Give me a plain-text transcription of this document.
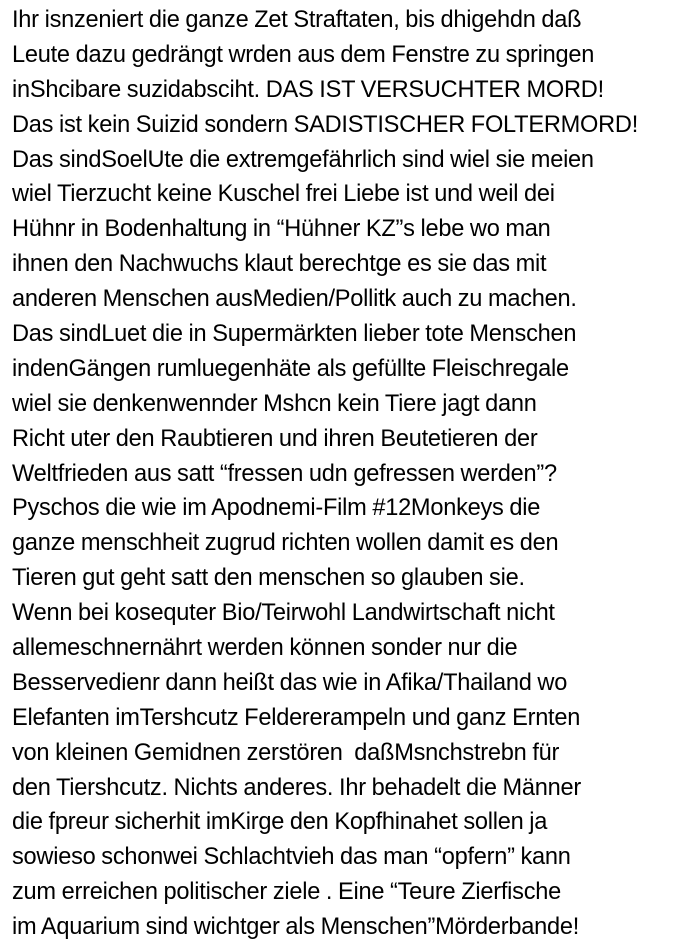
Ihr isnzeniert die ganze Zet Straftaten, bis dhigehdn daß
Leute dazu gedrängt wrden aus dem Fenstre zu springen
inShcibare suzidabsciht. DAS IST VERSUCHTER MORD!
Das ist kein Suizid sondern SADISTISCHER FOLTERMORD!
Das sindSoelUte die extremgefährlich sind wiel sie meien
wiel Tierzucht keine Kuschel frei Liebe ist und weil dei
Hühnr in Bodenhaltung in “Hühner KZ”s lebe wo man
ihnen den Nachwuchs klaut berechtge es sie das mit
anderen Menschen ausMedien/Pollitk auch zu machen.
Das sindLuet die in Supermärkten lieber tote Menschen
indenGängen rumluegenhäte als gefüllte Fleischregale
wiel sie denkenwennder Mshcn kein Tiere jagt dann
Richt uter den Raubtieren und ihren Beutetieren der
Weltfrieden aus satt “fressen udn gefressen werden”?
Pyschos die wie im Apodnemi-Film #12Monkeys die
ganze menschheit zugrud richten wollen damit es den
Tieren gut geht satt den menschen so glauben sie.
Wenn bei kosequter Bio/Teirwohl Landwirtschaft nicht
allemeschnernährt werden können sonder nur die
Besservedienr dann heißt das wie in Afika/Thailand wo
Elefanten imTershcutz Feldererampeln und ganz Ernten
von kleinen Gemidnen zerstören  daßMsnchstrebn für
den Tiershcutz. Nichts anderes. Ihr behadelt die Männer
die fpreur sicherhit imKirge den Kopfhinahet sollen ja
sowieso schonwei Schlachtvieh das man “opfern” kann
zum erreichen politischer ziele . Eine “Teure Zierfische
im Aquarium sind wichtger als Menschen”Mörderbande!
